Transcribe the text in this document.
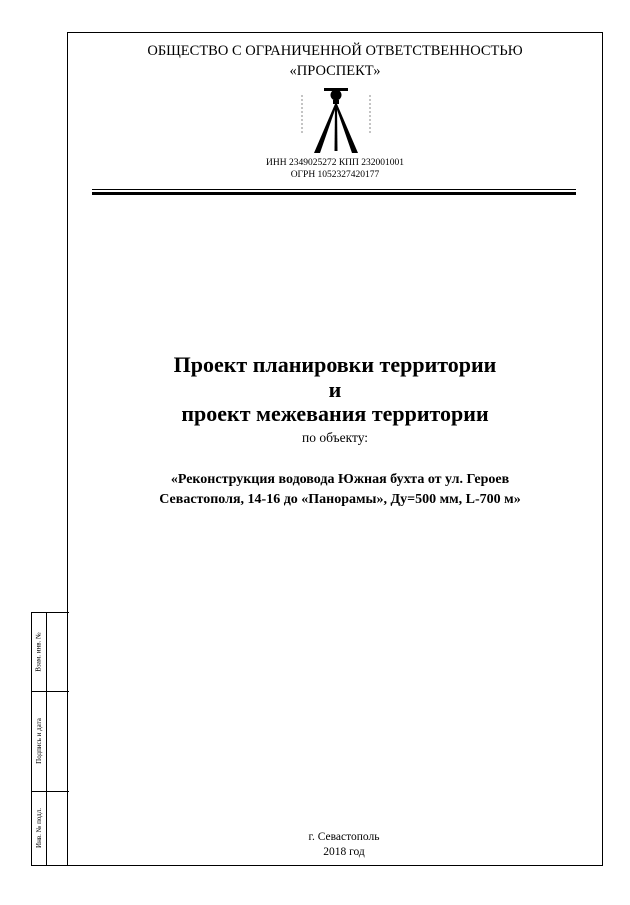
Взам. инв. №
Подпись и дата
Инв. № подл.
ОБЩЕСТВО С ОГРАНИЧЕННОЙ ОТВЕТСТВЕННОСТЬЮ
«ПРОСПЕКТ»
ИНН 2349025272 КПП 232001001
ОГРН 1052327420177
Проект планировки территории
и
проект межевания территории
по объекту:
«Реконструкция водовода Южная бухта от ул. Героев
Севастополя, 14-16 до «Панорамы», Ду=500 мм, L-700 м»
г. Севастополь
2018 год
